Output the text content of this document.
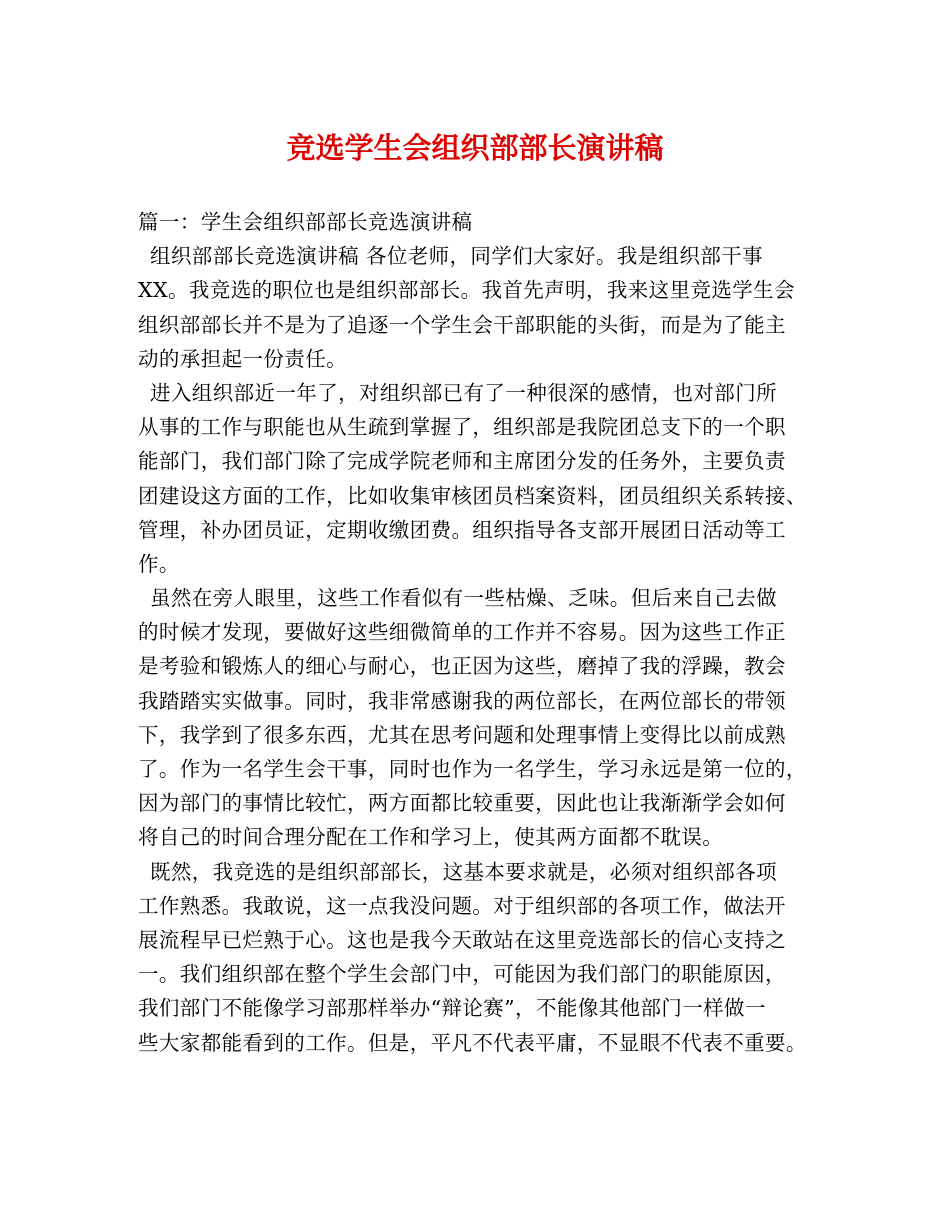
竞选学生会组织部部长演讲稿
篇一：学生会组织部部长竞选演讲稿
组织部部长竞选演讲稿 各位老师，同学们大家好。我是组织部干事
XX。我竞选的职位也是组织部部长。我首先声明，我来这里竞选学生会
组织部部长并不是为了追逐一个学生会干部职能的头街，而是为了能主
动的承担起一份责任。
进入组织部近一年了，对组织部已有了一种很深的感情，也对部门所
从事的工作与职能也从生疏到掌握了，组织部是我院团总支下的一个职
能部门，我们部门除了完成学院老师和主席团分发的任务外，主要负责
团建设这方面的工作，比如收集审核团员档案资料，团员组织关系转接、
管理，补办团员证，定期收缴团费。组织指导各支部开展团日活动等工
作。
虽然在旁人眼里，这些工作看似有一些枯燥、乏味。但后来自己去做
的时候才发现，要做好这些细微简单的工作并不容易。因为这些工作正
是考验和锻炼人的细心与耐心，也正因为这些，磨掉了我的浮躁，教会
我踏踏实实做事。同时，我非常感谢我的两位部长，在两位部长的带领
下，我学到了很多东西，尤其在思考问题和处理事情上变得比以前成熟
了。作为一名学生会干事，同时也作为一名学生，学习永远是第一位的，
因为部门的事情比较忙，两方面都比较重要，因此也让我渐渐学会如何
将自己的时间合理分配在工作和学习上，使其两方面都不耽误。
既然，我竞选的是组织部部长，这基本要求就是，必须对组织部各项
工作熟悉。我敢说，这一点我没问题。对于组织部的各项工作，做法开
展流程早已烂熟于心。这也是我今天敢站在这里竞选部长的信心支持之
一。我们组织部在整个学生会部门中，可能因为我们部门的职能原因，
我们部门不能像学习部那样举办“辩论赛”，不能像其他部门一样做一
些大家都能看到的工作。但是，平凡不代表平庸，不显眼不代表不重要。
